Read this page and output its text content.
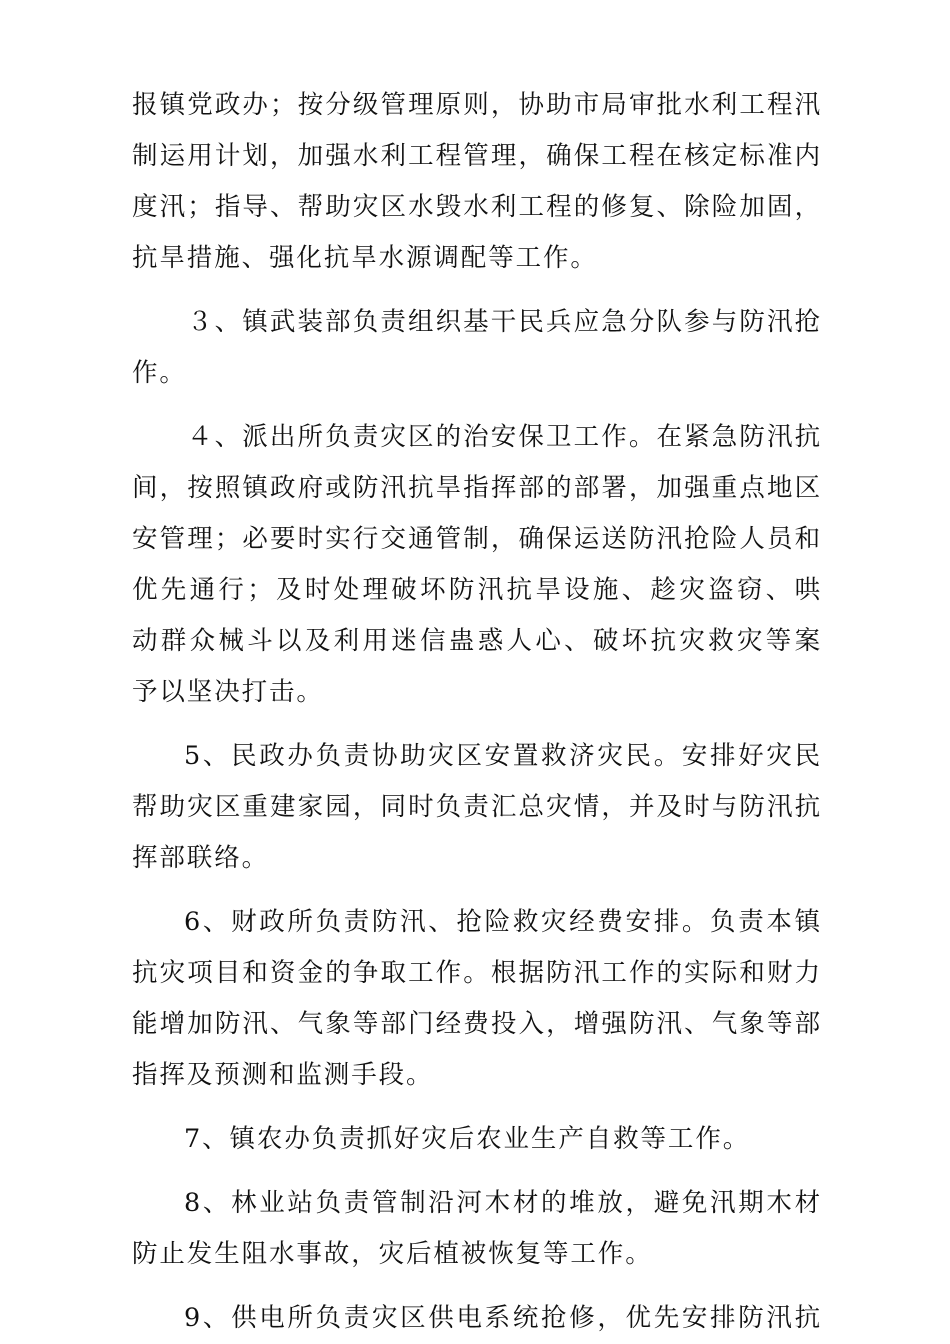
报镇党政办；按分级管理原则，协助市局审批水利工程汛
制运用计划，加强水利工程管理，确保工程在核定标准内
度汛；指导、帮助灾区水毁水利工程的修复、除险加固，
抗旱措施、强化抗旱水源调配等工作。
３、镇武装部负责组织基干民兵应急分队参与防汛抢
作。
４、派出所负责灾区的治安保卫工作。在紧急防汛抗
间，按照镇政府或防汛抗旱指挥部的部署，加强重点地区
安管理；必要时实行交通管制，确保运送防汛抢险人员和
优先通行；及时处理破坏防汛抗旱设施、趁灾盗窃、哄
动群众械斗以及利用迷信蛊惑人心、破坏抗灾救灾等案
予以坚决打击。
5、民政办负责协助灾区安置救济灾民。安排好灾民
帮助灾区重建家园，同时负责汇总灾情，并及时与防汛抗
挥部联络。
6、财政所负责防汛、抢险救灾经费安排。负责本镇
抗灾项目和资金的争取工作。根据防汛工作的实际和财力
能增加防汛、气象等部门经费投入，增强防汛、气象等部
指挥及预测和监测手段。
7、镇农办负责抓好灾后农业生产自救等工作。
8、林业站负责管制沿河木材的堆放，避免汛期木材
防止发生阻水事故，灾后植被恢复等工作。
9、供电所负责灾区供电系统抢修，优先安排防汛抗
